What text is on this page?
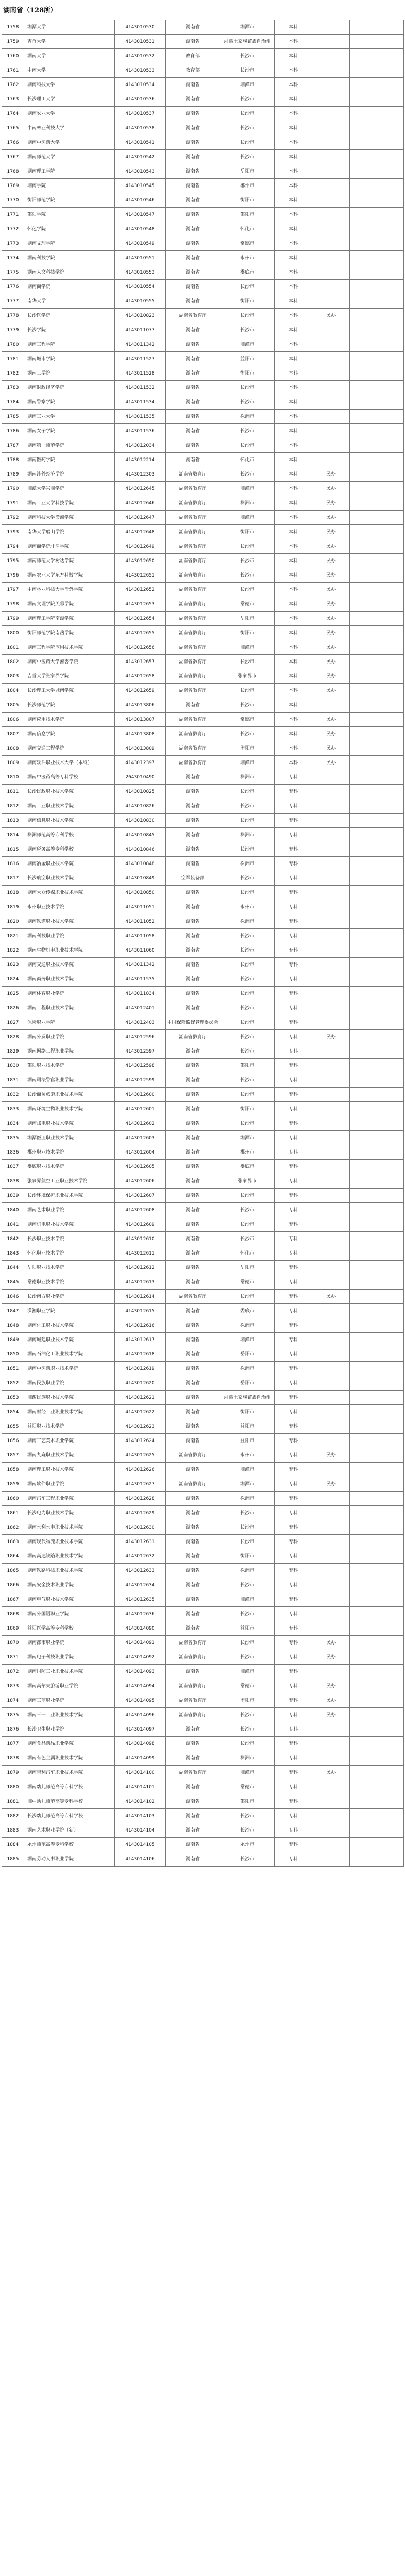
湖南省（128所）
1758	湘潭大学	4143010530	湖南省	湘潭市	本科		
1759	吉首大学	4143010531	湖南省	湘西土家族苗族自治州	本科		
1760	湖南大学	4143010532	教育部	长沙市	本科		
1761	中南大学	4143010533	教育部	长沙市	本科		
1762	湖南科技大学	4143010534	湖南省	湘潭市	本科		
1763	长沙理工大学	4143010536	湖南省	长沙市	本科		
1764	湖南农业大学	4143010537	湖南省	长沙市	本科		
1765	中南林业科技大学	4143010538	湖南省	长沙市	本科		
1766	湖南中医药大学	4143010541	湖南省	长沙市	本科		
1767	湖南师范大学	4143010542	湖南省	长沙市	本科		
1768	湖南理工学院	4143010543	湖南省	岳阳市	本科		
1769	湘南学院	4143010545	湖南省	郴州市	本科		
1770	衡阳师范学院	4143010546	湖南省	衡阳市	本科		
1771	邵阳学院	4143010547	湖南省	邵阳市	本科		
1772	怀化学院	4143010548	湖南省	怀化市	本科		
1773	湖南文理学院	4143010549	湖南省	常德市	本科		
1774	湖南科技学院	4143010551	湖南省	永州市	本科		
1775	湖南人文科技学院	4143010553	湖南省	娄底市	本科		
1776	湖南商学院	4143010554	湖南省	长沙市	本科		
1777	南华大学	4143010555	湖南省	衡阳市	本科		
1778	长沙医学院	4143010823	湖南省教育厅	长沙市	本科	民办	
1779	长沙学院	4143011077	湖南省	长沙市	本科		
1780	湖南工程学院	4143011342	湖南省	湘潭市	本科		
1781	湖南城市学院	4143011527	湖南省	益阳市	本科		
1782	湖南工学院	4143011528	湖南省	衡阳市	本科		
1783	湖南财政经济学院	4143011532	湖南省	长沙市	本科		
1784	湖南警察学院	4143011534	湖南省	长沙市	本科		
1785	湖南工业大学	4143011535	湖南省	株洲市	本科		
1786	湖南女子学院	4143011536	湖南省	长沙市	本科		
1787	湖南第一师范学院	4143012034	湖南省	长沙市	本科		
1788	湖南医药学院	4143012214	湖南省	怀化市	本科		
1789	湖南涉外经济学院	4143012303	湖南省教育厅	长沙市	本科	民办	
1790	湘潭大学兴湘学院	4143012645	湖南省教育厅	湘潭市	本科	民办	
1791	湖南工业大学科技学院	4143012646	湖南省教育厅	株洲市	本科	民办	
1792	湖南科技大学潇湘学院	4143012647	湖南省教育厅	湘潭市	本科	民办	
1793	南华大学船山学院	4143012648	湖南省教育厅	衡阳市	本科	民办	
1794	湖南商学院北津学院	4143012649	湖南省教育厅	长沙市	本科	民办	
1795	湖南师范大学树达学院	4143012650	湖南省教育厅	长沙市	本科	民办	
1796	湖南农业大学东方科技学院	4143012651	湖南省教育厅	长沙市	本科	民办	
1797	中南林业科技大学涉外学院	4143012652	湖南省教育厅	长沙市	本科	民办	
1798	湖南文理学院芙蓉学院	4143012653	湖南省教育厅	常德市	本科	民办	
1799	湖南理工学院南湖学院	4143012654	湖南省教育厅	岳阳市	本科	民办	
1800	衡阳师范学院南岳学院	4143012655	湖南省教育厅	衡阳市	本科	民办	
1801	湖南工程学院应用技术学院	4143012656	湖南省教育厅	湘潭市	本科	民办	
1802	湖南中医药大学湘杏学院	4143012657	湖南省教育厅	长沙市	本科	民办	
1803	吉首大学张家界学院	4143012658	湖南省教育厅	张家界市	本科	民办	
1804	长沙理工大学城南学院	4143012659	湖南省教育厅	长沙市	本科	民办	
1805	长沙师范学院	4143013806	湖南省	长沙市	本科		
1806	湖南应用技术学院	4143013807	湖南省教育厅	常德市	本科	民办	
1807	湖南信息学院	4143013808	湖南省教育厅	长沙市	本科	民办	
1808	湖南交通工程学院	4143013809	湖南省教育厅	衡阳市	本科	民办	
1809	湖南软件职业技术大学（本科）	4143012397	湖南省教育厅	湘潭市	本科	民办	
1810	湖南中医药高等专科学校	2643010490	湖南省	株洲市	专科		
1811	长沙民政职业技术学院	4143010825	湖南省	长沙市	专科		
1812	湖南工业职业技术学院	4143010826	湖南省	长沙市	专科		
1813	湖南信息职业技术学院	4143010830	湖南省	长沙市	专科		
1814	株洲师范高等专科学校	4143010845	湖南省	株洲市	专科		
1815	湖南税务高等专科学校	4143010846	湖南省	长沙市	专科		
1816	湖南冶金职业技术学院	4143010848	湖南省	株洲市	专科		
1817	长沙航空职业技术学院	4143010849	空军装备部	长沙市	专科		
1818	湖南大众传媒职业技术学院	4143010850	湖南省	长沙市	专科		
1819	永州职业技术学院	4143011051	湖南省	永州市	专科		
1820	湖南铁道职业技术学院	4143011052	湖南省	株洲市	专科		
1821	湖南科技职业学院	4143011058	湖南省	长沙市	专科		
1822	湖南生物机电职业技术学院	4143011060	湖南省	长沙市	专科		
1823	湖南交通职业技术学院	4143011342	湖南省	长沙市	专科		
1824	湖南商务职业技术学院	4143011535	湖南省	长沙市	专科		
1825	湖南体育职业学院	4143011834	湖南省	长沙市	专科		
1826	湖南工程职业技术学院	4143012401	湖南省	长沙市	专科		
1827	保险职业学院	4143012403	中国保险监督管理委员会	长沙市	专科		
1828	湖南外贸职业学院	4143012596	湖南省教育厅	长沙市	专科	民办	
1829	湖南网络工程职业学院	4143012597	湖南省	长沙市	专科		
1830	邵阳职业技术学院	4143012598	湖南省	邵阳市	专科		
1831	湖南司法警官职业学院	4143012599	湖南省	长沙市	专科		
1832	长沙商贸旅游职业技术学院	4143012600	湖南省	长沙市	专科		
1833	湖南环境生物职业技术学院	4143012601	湖南省	衡阳市	专科		
1834	湖南邮电职业技术学院	4143012602	湖南省	长沙市	专科		
1835	湘潭医卫职业技术学院	4143012603	湖南省	湘潭市	专科		
1836	郴州职业技术学院	4143012604	湖南省	郴州市	专科		
1837	娄底职业技术学院	4143012605	湖南省	娄底市	专科		
1838	张家界航空工业职业技术学院	4143012606	湖南省	张家界市	专科		
1839	长沙环境保护职业技术学院	4143012607	湖南省	长沙市	专科		
1840	湖南艺术职业学院	4143012608	湖南省	长沙市	专科		
1841	湖南机电职业技术学院	4143012609	湖南省	长沙市	专科		
1842	长沙职业技术学院	4143012610	湖南省	长沙市	专科		
1843	怀化职业技术学院	4143012611	湖南省	怀化市	专科		
1844	岳阳职业技术学院	4143012612	湖南省	岳阳市	专科		
1845	常德职业技术学院	4143012613	湖南省	常德市	专科		
1846	长沙南方职业学院	4143012614	湖南省教育厅	长沙市	专科	民办	
1847	潇湘职业学院	4143012615	湖南省	娄底市	专科		
1848	湖南化工职业技术学院	4143012616	湖南省	株洲市	专科		
1849	湖南城建职业技术学院	4143012617	湖南省	湘潭市	专科		
1850	湖南石油化工职业技术学院	4143012618	湖南省	岳阳市	专科		
1851	湖南中医药职业技术学院	4143012619	湖南省	株洲市	专科		
1852	湖南民族职业学院	4143012620	湖南省	岳阳市	专科		
1853	湘西民族职业技术学院	4143012621	湖南省	湘西土家族苗族自治州	专科		
1854	湖南财经工业职业技术学院	4143012622	湖南省	衡阳市	专科		
1855	益阳职业技术学院	4143012623	湖南省	益阳市	专科		
1856	湖南工艺美术职业学院	4143012624	湖南省	益阳市	专科		
1857	湖南九嶷职业技术学院	4143012625	湖南省教育厅	永州市	专科	民办	
1858	湖南理工职业技术学院	4143012626	湖南省	湘潭市	专科		
1859	湖南软件职业学院	4143012627	湖南省教育厅	湘潭市	专科	民办	
1860	湖南汽车工程职业学院	4143012628	湖南省	株洲市	专科		
1861	长沙电力职业技术学院	4143012629	湖南省	长沙市	专科		
1862	湖南水利水电职业技术学院	4143012630	湖南省	长沙市	专科		
1863	湖南现代物流职业技术学院	4143012631	湖南省	长沙市	专科		
1864	湖南高速铁路职业技术学院	4143012632	湖南省	衡阳市	专科		
1865	湖南铁路科技职业技术学院	4143012633	湖南省	株洲市	专科		
1866	湖南安全技术职业学院	4143012634	湖南省	长沙市	专科		
1867	湖南电气职业技术学院	4143012635	湖南省	湘潭市	专科		
1868	湖南外国语职业学院	4143012636	湖南省	长沙市	专科		
1869	益阳医学高等专科学校	4143014090	湖南省	益阳市	专科		
1870	湖南都市职业学院	4143014091	湖南省教育厅	长沙市	专科	民办	
1871	湖南电子科技职业学院	4143014092	湖南省教育厅	长沙市	专科	民办	
1872	湖南国防工业职业技术学院	4143014093	湖南省	湘潭市	专科		
1873	湖南高尔夫旅游职业学院	4143014094	湖南省教育厅	常德市	专科	民办	
1874	湖南工商职业学院	4143014095	湖南省教育厅	衡阳市	专科	民办	
1875	湖南三一工业职业技术学院	4143014096	湖南省教育厅	长沙市	专科	民办	
1876	长沙卫生职业学院	4143014097	湖南省	长沙市	专科		
1877	湖南食品药品职业学院	4143014098	湖南省	长沙市	专科		
1878	湖南有色金属职业技术学院	4143014099	湖南省	株洲市	专科		
1879	湖南吉利汽车职业技术学院	4143014100	湖南省教育厅	湘潭市	专科	民办	
1880	湖南幼儿师范高等专科学校	4143014101	湖南省	常德市	专科		
1881	湘中幼儿师范高等专科学校	4143014102	湖南省	邵阳市	专科		
1882	长沙幼儿师范高等专科学校	4143014103	湖南省	长沙市	专科		
1883	湖南艺术职业学院（新）	4143014104	湖南省	长沙市	专科		
1884	永州师范高等专科学校	4143014105	湖南省	永州市	专科		
1885	湖南劳动人事职业学院	4143014106	湖南省	长沙市	专科		
